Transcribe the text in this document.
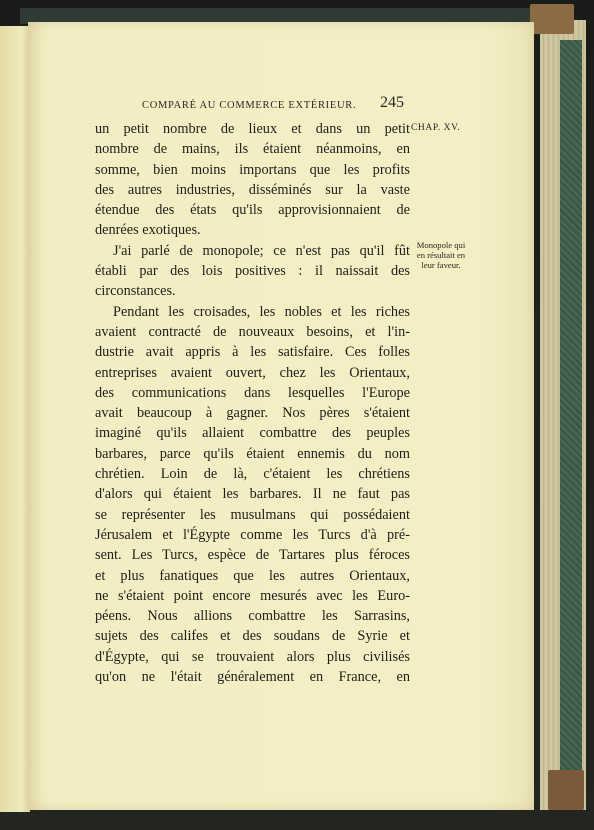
COMPARÉ AU COMMERCE EXTÉRIEUR. 245
CHAP. XV.
Monopole qui
en résultait en
leur faveur.
un petit nombre de lieux et dans un petit
nombre de mains, ils étaient néanmoins, en
somme, bien moins importans que les profits
des autres industries, disséminés sur la vaste
étendue des états qu'ils approvisionnaient de
denrées exotiques.
J'ai parlé de monopole; ce n'est pas qu'il fût
établi par des lois positives : il naissait des
circonstances.
Pendant les croisades, les nobles et les riches
avaient contracté de nouveaux besoins, et l'in-
dustrie avait appris à les satisfaire. Ces folles
entreprises avaient ouvert, chez les Orientaux,
des communications dans lesquelles l'Europe
avait beaucoup à gagner. Nos pères s'étaient
imaginé qu'ils allaient combattre des peuples
barbares, parce qu'ils étaient ennemis du nom
chrétien. Loin de là, c'étaient les chrétiens
d'alors qui étaient les barbares. Il ne faut pas
se représenter les musulmans qui possédaient
Jérusalem et l'Égypte comme les Turcs d'à pré-
sent. Les Turcs, espèce de Tartares plus féroces
et plus fanatiques que les autres Orientaux,
ne s'étaient point encore mesurés avec les Euro-
péens. Nous allions combattre les Sarrasins,
sujets des califes et des soudans de Syrie et
d'Égypte, qui se trouvaient alors plus civilisés
qu'on ne l'était généralement en France, en
